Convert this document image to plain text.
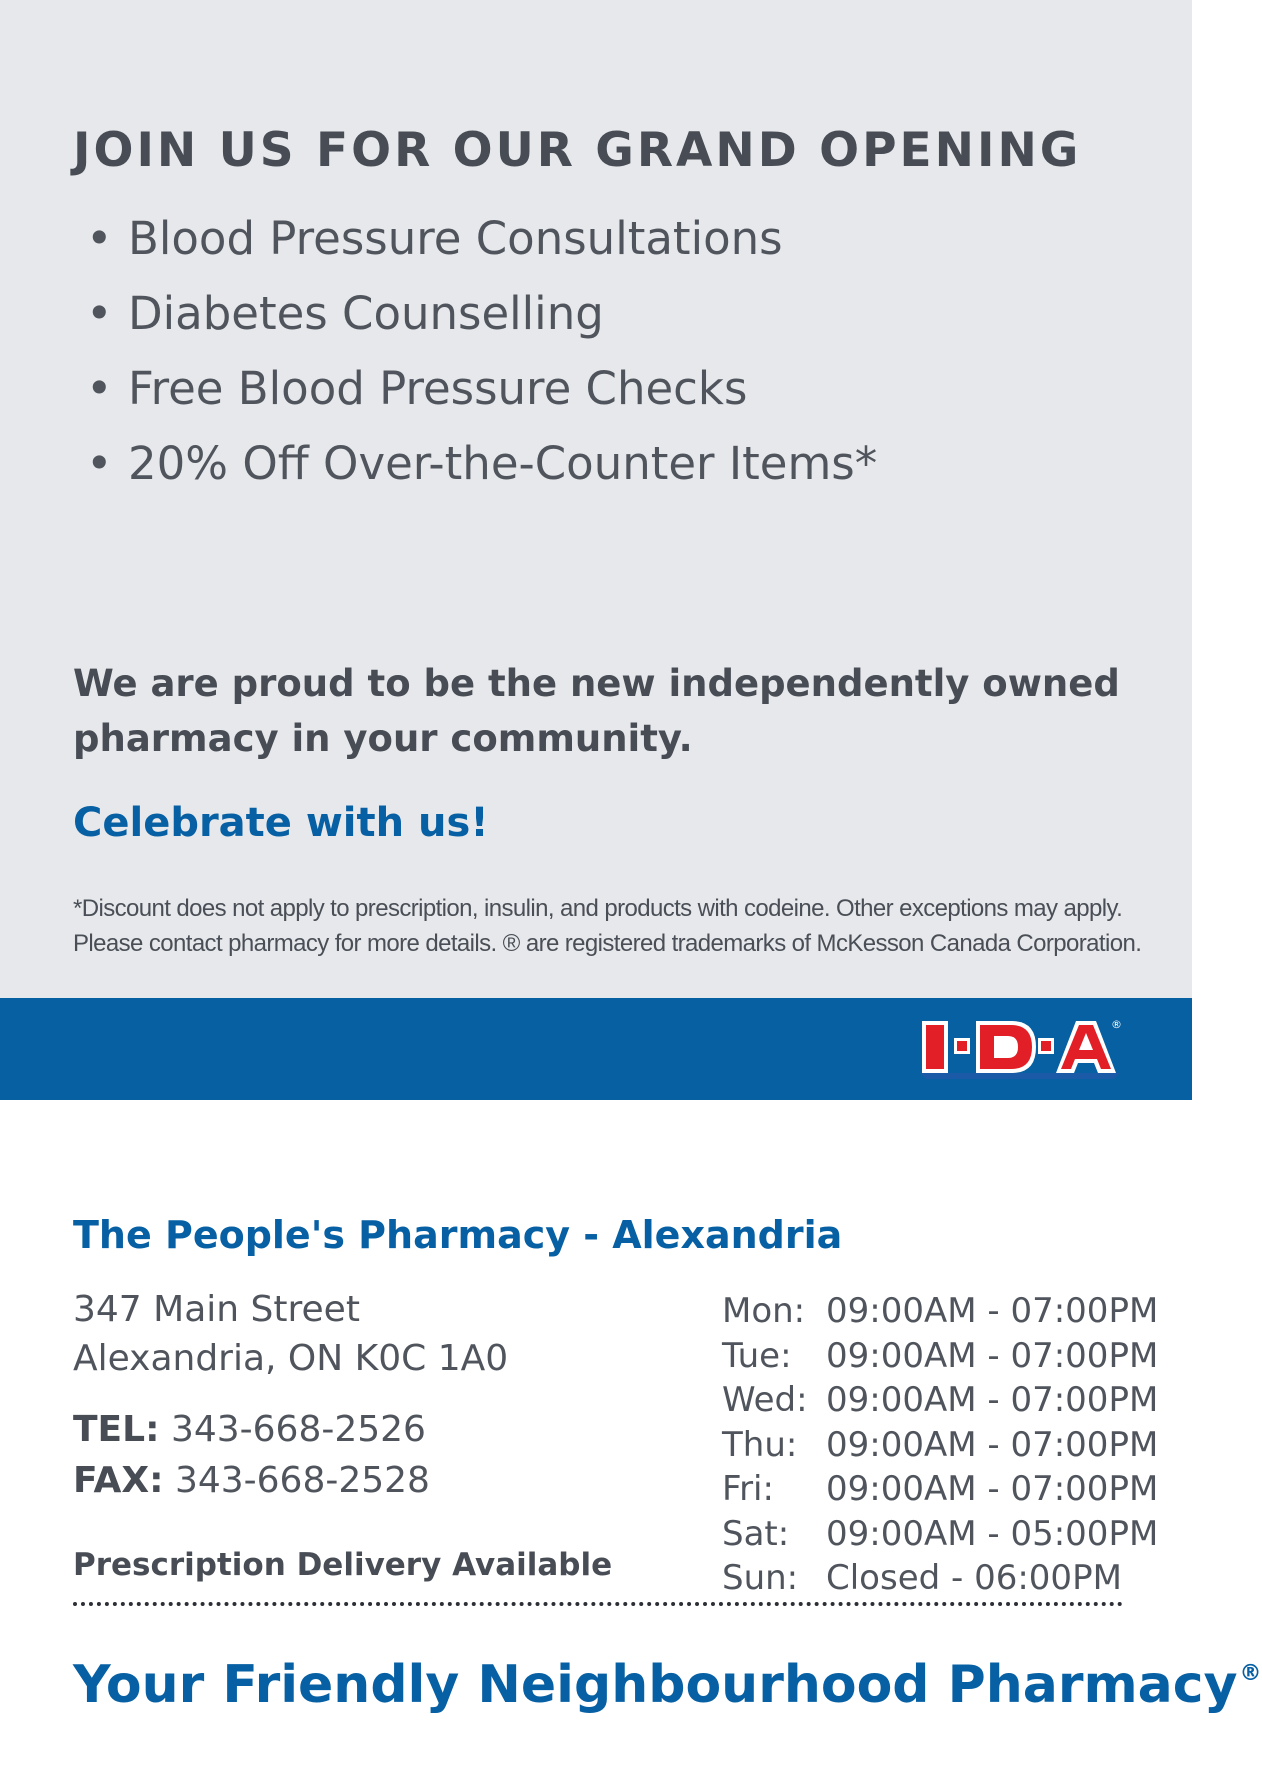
JOIN US FOR OUR GRAND OPENING
• Blood Pressure Consultations
• Diabetes Counselling
• Free Blood Pressure Checks
• 20% Off Over-the-Counter Items*

We are proud to be the new independently owned pharmacy in your community.

Celebrate with us!

*Discount does not apply to prescription, insulin, and products with codeine. Other exceptions may apply.
Please contact pharmacy for more details. ® are registered trademarks of McKesson Canada Corporation.
®
The People's Pharmacy - Alexandria
347 Main Street
Alexandria, ON K0C 1A0
TEL: 343-668-2526
FAX: 343-668-2528
Prescription Delivery Available
Mon: 09:00AM - 07:00PM
Tue: 09:00AM - 07:00PM
Wed: 09:00AM - 07:00PM
Thu: 09:00AM - 07:00PM
Fri: 09:00AM - 07:00PM
Sat: 09:00AM - 05:00PM
Sun: Closed - 06:00PM
Your Friendly Neighbourhood Pharmacy®
